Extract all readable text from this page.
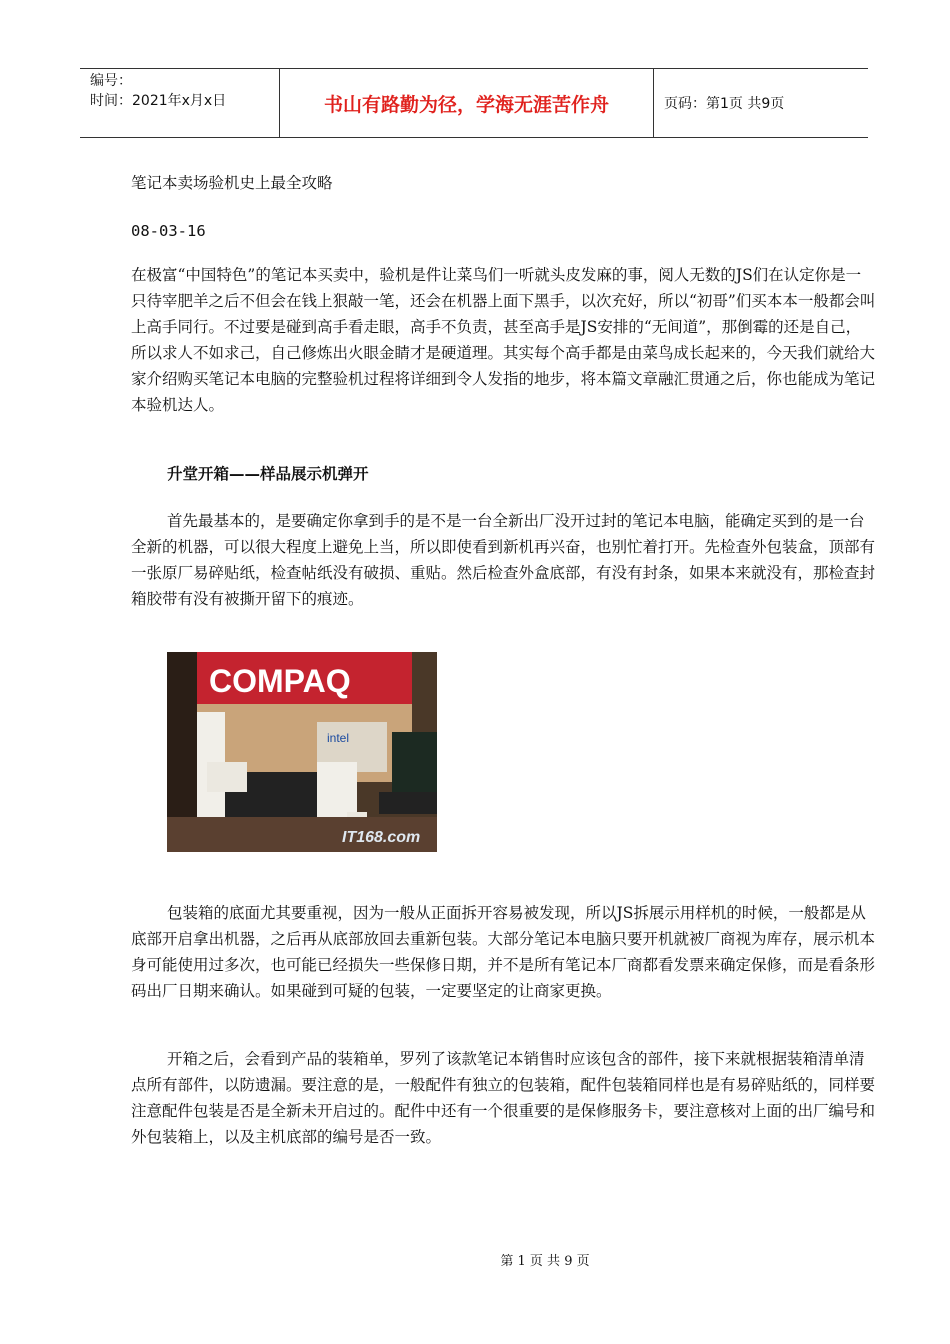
编号：
时间：2021年x月x日	书山有路勤为径，学海无涯苦作舟	页码：第1页 共9页
笔记本卖场验机史上最全攻略
08-03-16
在极富“中国特色”的笔记本买卖中，验机是件让菜鸟们一听就头皮发麻的事，阅人无数的JS们在认定你是一只待宰肥羊之后不但会在钱上狠敲一笔，还会在机器上面下黑手，以次充好，所以“初哥”们买本本一般都会叫上高手同行。不过要是碰到高手看走眼，高手不负责，甚至高手是JS安排的“无间道”，那倒霉的还是自己，所以求人不如求己，自己修炼出火眼金睛才是硬道理。其实每个高手都是由菜鸟成长起来的，今天我们就给大家介绍购买笔记本电脑的完整验机过程将详细到令人发指的地步，将本篇文章融汇贯通之后，你也能成为笔记本验机达人。
升堂开箱——样品展示机弹开
首先最基本的，是要确定你拿到手的是不是一台全新出厂没开过封的笔记本电脑，能确定买到的是一台全新的机器，可以很大程度上避免上当，所以即使看到新机再兴奋，也别忙着打开。先检查外包装盒，顶部有一张原厂易碎贴纸，检查帖纸没有破损、重贴。然后检查外盒底部，有没有封条，如果本来就没有，那检查封箱胶带有没有被撕开留下的痕迹。
COMPAQ
intel
IT168.com
包装箱的底面尤其要重视，因为一般从正面拆开容易被发现，所以JS拆展示用样机的时候，一般都是从底部开启拿出机器，之后再从底部放回去重新包装。大部分笔记本电脑只要开机就被厂商视为库存，展示机本身可能使用过多次，也可能已经损失一些保修日期，并不是所有笔记本厂商都看发票来确定保修，而是看条形码出厂日期来确认。如果碰到可疑的包装，一定要坚定的让商家更换。
开箱之后，会看到产品的装箱单，罗列了该款笔记本销售时应该包含的部件，接下来就根据装箱清单清点所有部件，以防遗漏。要注意的是，一般配件有独立的包装箱，配件包装箱同样也是有易碎贴纸的，同样要注意配件包装是否是全新未开启过的。配件中还有一个很重要的是保修服务卡，要注意核对上面的出厂编号和外包装箱上，以及主机底部的编号是否一致。
第 1 页 共 9 页
